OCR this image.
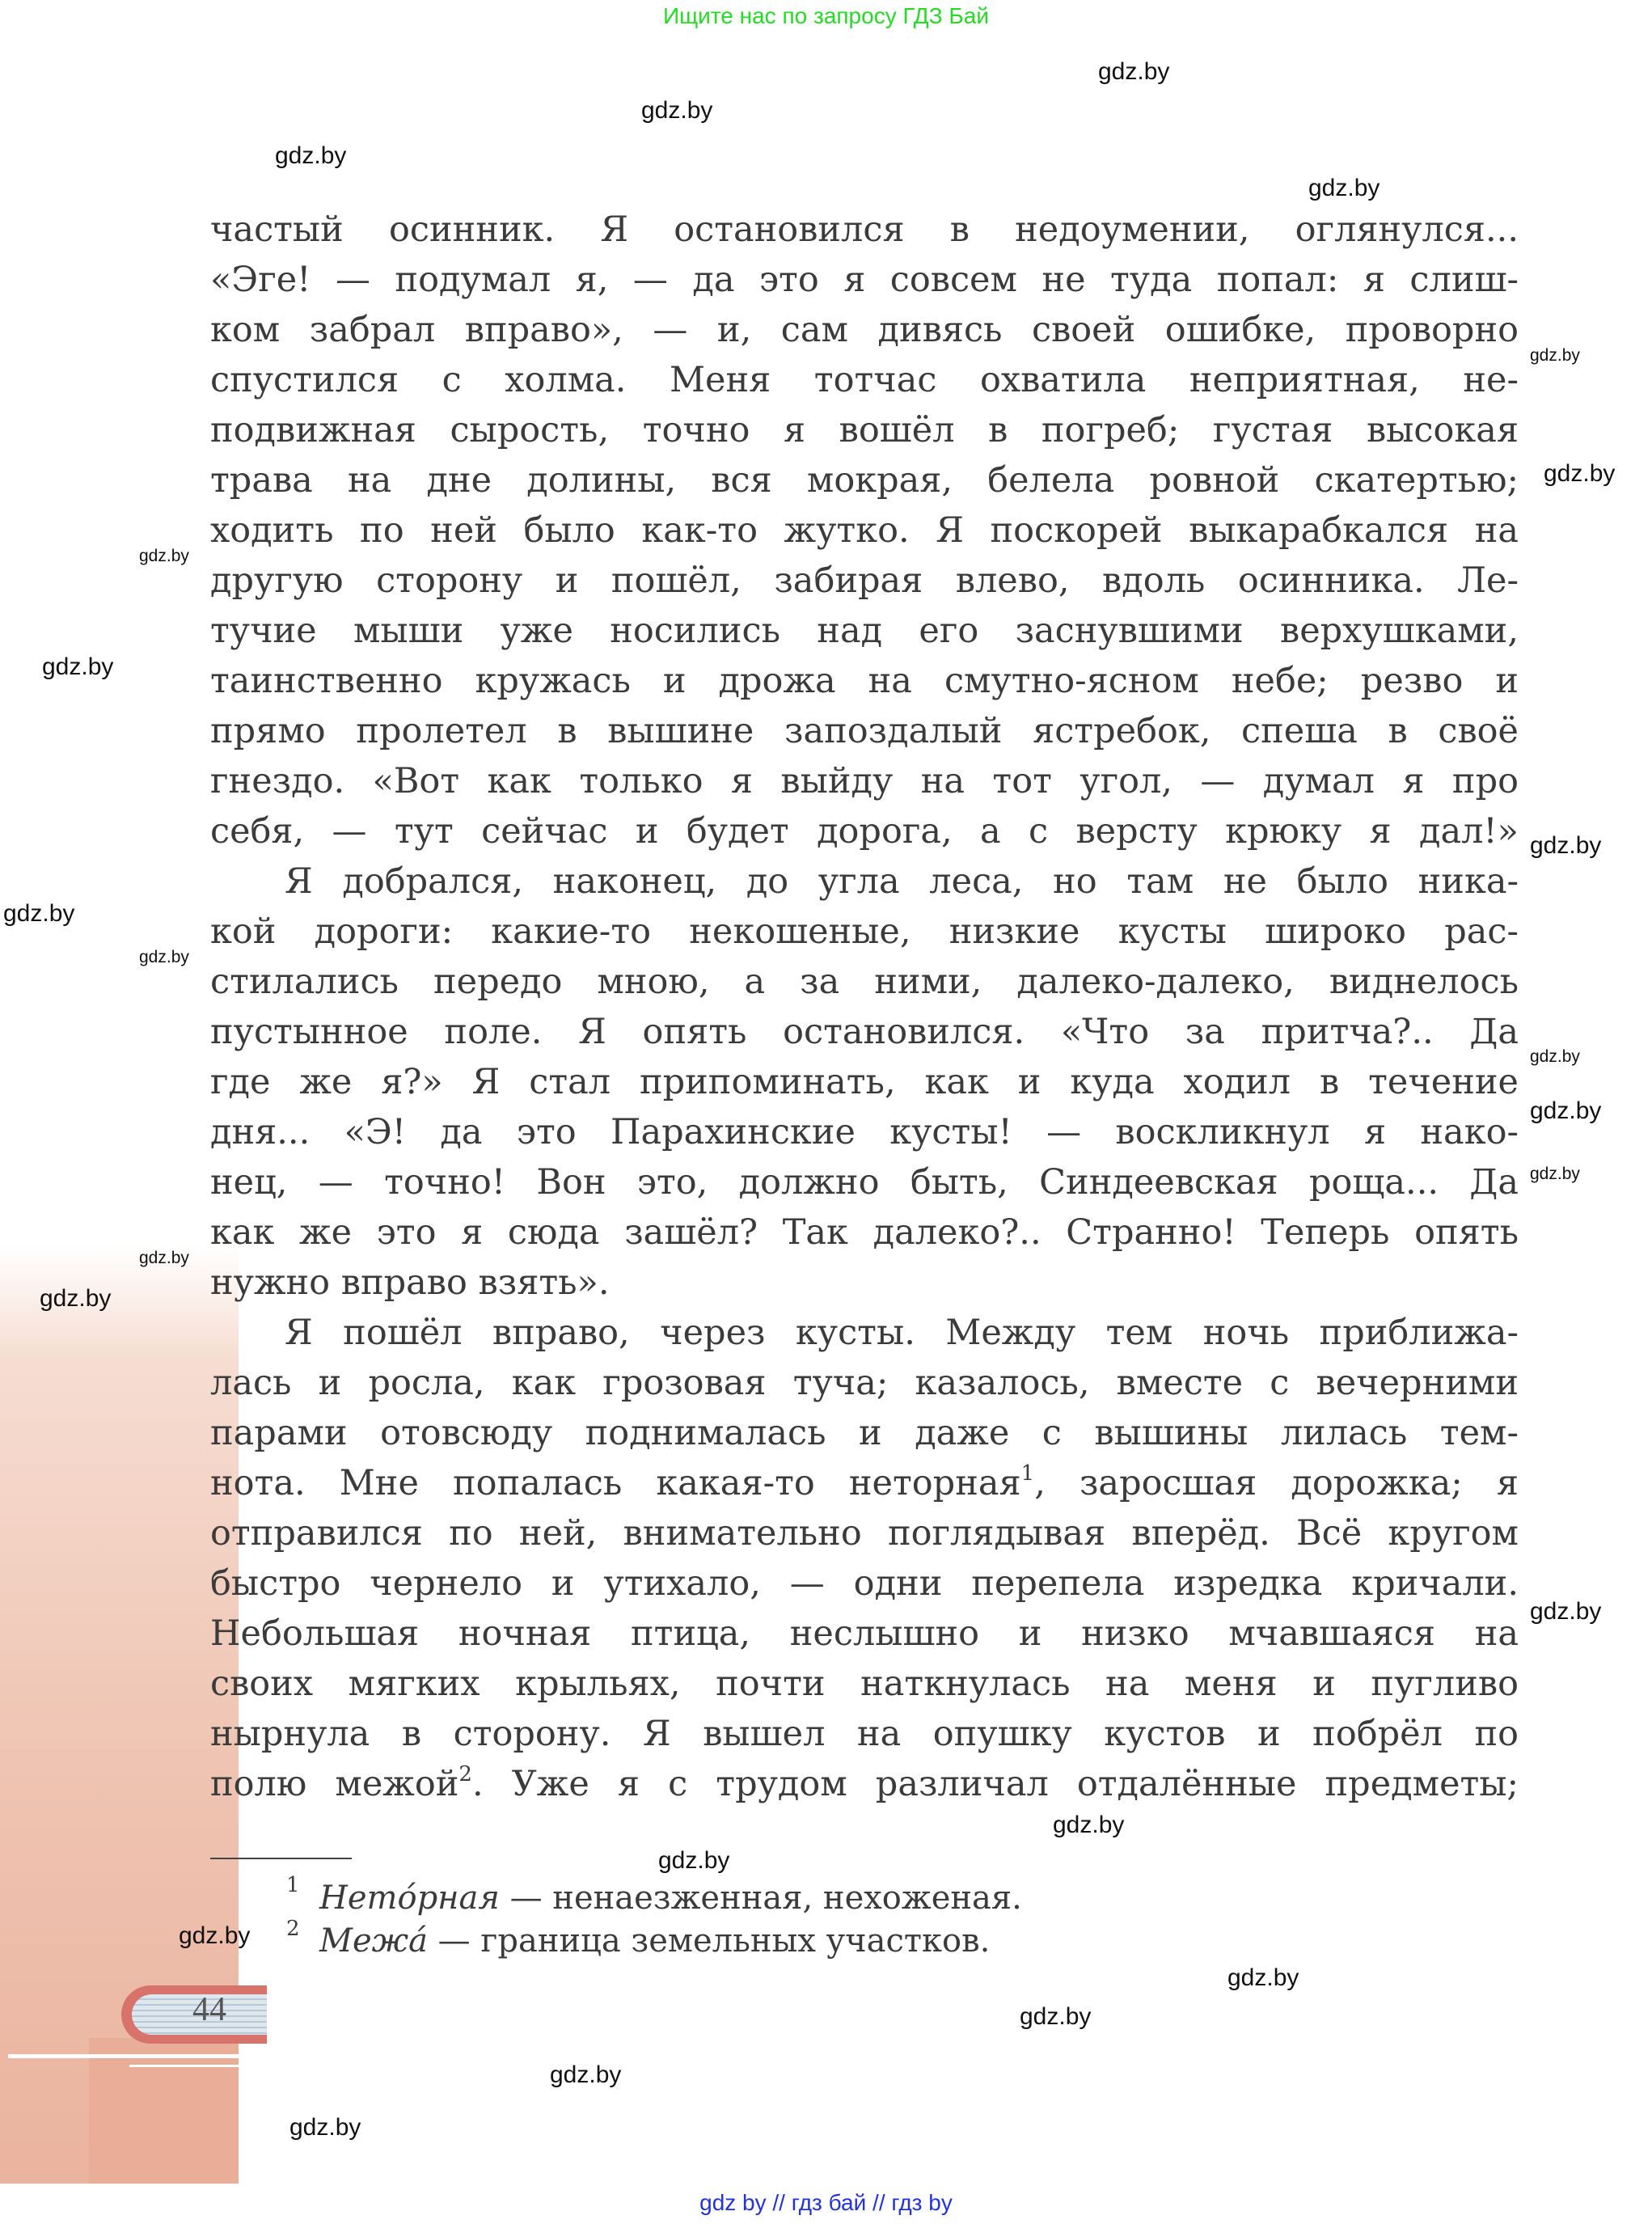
44
Ищите нас по запросу ГДЗ Бай
частый осинник. Я остановился в недоумении, оглянулся...
«Эге! — подумал я, — да это я совсем не туда попал: я слиш-
ком забрал вправо», — и, сам дивясь своей ошибке, проворно
спустился с холма. Меня тотчас охватила неприятная, не-
подвижная сырость, точно я вошёл в погреб; густая высокая
трава на дне долины, вся мокрая, белела ровной скатертью;
ходить по ней было как-то жутко. Я поскорей выкарабкался на
другую сторону и пошёл, забирая влево, вдоль осинника. Ле-
тучие мыши уже носились над его заснувшими верхушками,
таинственно кружась и дрожа на смутно-ясном небе; резво и
прямо пролетел в вышине запоздалый ястребок, спеша в своё
гнездо. «Вот как только я выйду на тот угол, — думал я про
себя, — тут сейчас и будет дорога, а с версту крюку я дал!»
Я добрался, наконец, до угла леса, но там не было ника-
кой дороги: какие-то некошеные, низкие кусты широко рас-
стилались передо мною, а за ними, далеко-далеко, виднелось
пустынное поле. Я опять остановился. «Что за притча?.. Да
где же я?» Я стал припоминать, как и куда ходил в течение
дня... «Э! да это Парахинские кусты! — воскликнул я нако-
нец, — точно! Вон это, должно быть, Синдеевская роща... Да
как же это я сюда зашёл? Так далеко?.. Странно! Теперь опять
нужно вправо взять».
Я пошёл вправо, через кусты. Между тем ночь приближа-
лась и росла, как грозовая туча; казалось, вместе с вечерними
парами отовсюду поднималась и даже с вышины лилась тем-
нота. Мне попалась какая-то неторная$^1$, заросшая дорожка; я
отправился по ней, внимательно поглядывая вперёд. Всё кругом
быстро чернело и утихало, — одни перепела изредка кричали.
Небольшая ночная птица, неслышно и низко мчавшаяся на
своих мягких крыльях, почти наткнулась на меня и пугливо
нырнула в сторону. Я вышел на опушку кустов и побрёл по
полю межой$^2$. Уже я с трудом различал отдалённые предметы;
1 Нето́рная — ненаезженная, нехоженая.
2 Межа́ — граница земельных участков.
gdz by // гдз бай // гдз by
gdz.by
gdz.by
gdz.by
gdz.by
gdz.by
gdz.by
gdz.by
gdz.by
gdz.by
gdz.by
gdz.by
gdz.by
gdz.by
gdz.by
gdz.by
gdz.by
gdz.by
gdz.by
gdz.by
gdz.by
gdz.by
gdz.by
gdz.by
gdz.by
